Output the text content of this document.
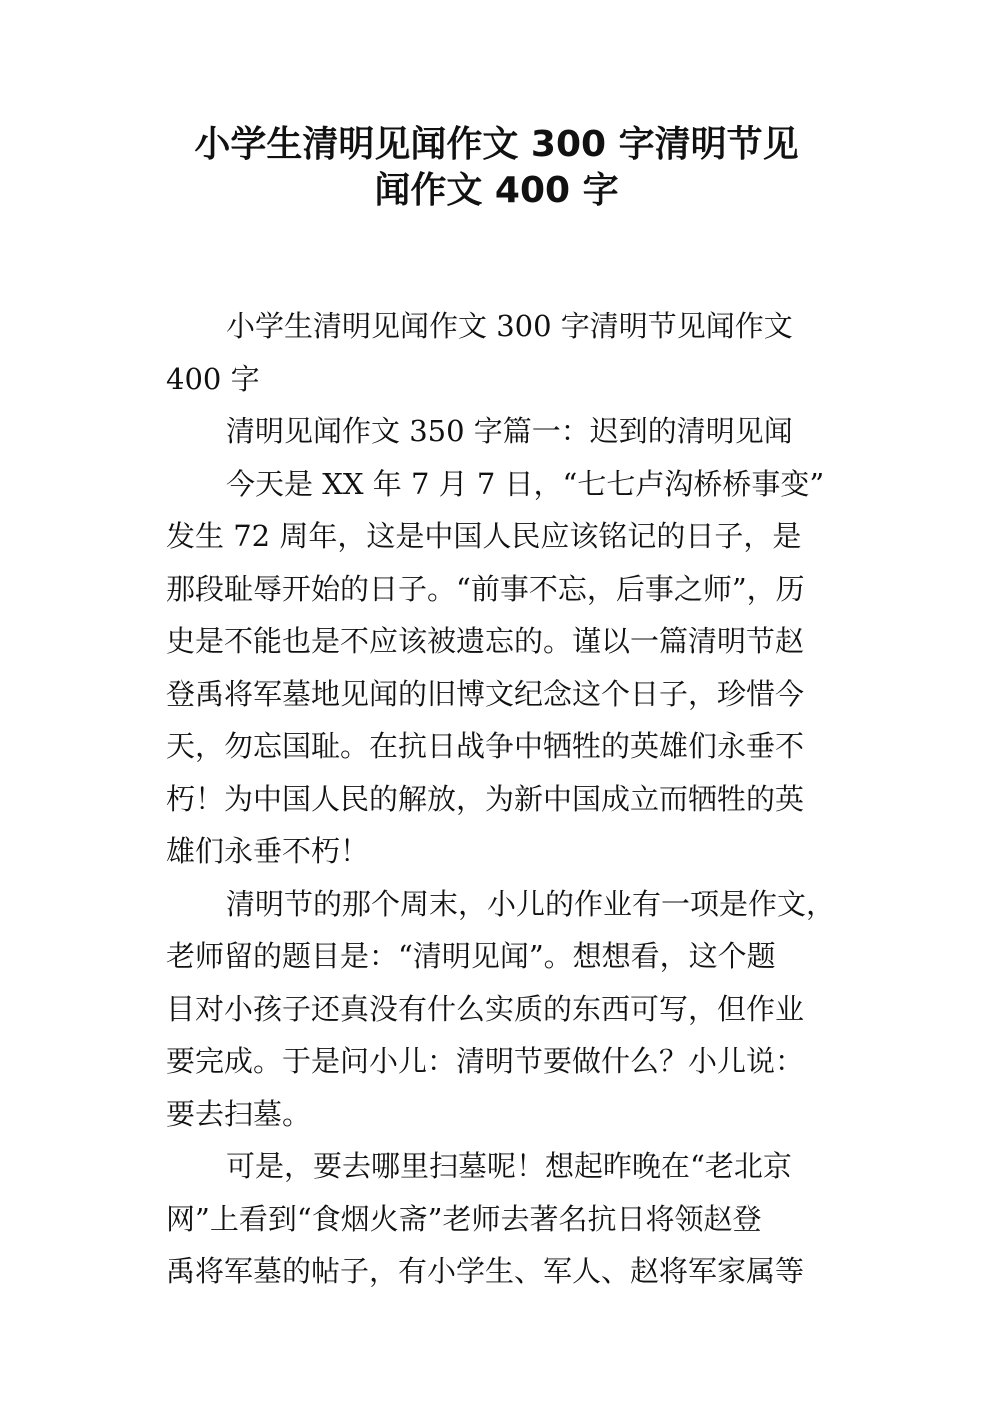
小学生清明见闻作文 300 字清明节见
闻作文 400 字
小学生清明见闻作文 300 字清明节见闻作文
400 字
清明见闻作文 350 字篇一：迟到的清明见闻
今天是 XX 年 7 月 7 日，“七七卢沟桥桥事变”
发生 72 周年，这是中国人民应该铭记的日子，是
那段耻辱开始的日子。“前事不忘，后事之师”，历
史是不能也是不应该被遗忘的。谨以一篇清明节赵
登禹将军墓地见闻的旧博文纪念这个日子，珍惜今
天，勿忘国耻。在抗日战争中牺牲的英雄们永垂不
朽！为中国人民的解放，为新中国成立而牺牲的英
雄们永垂不朽！
清明节的那个周末，小儿的作业有一项是作文，
老师留的题目是：“清明见闻”。想想看，这个题
目对小孩子还真没有什么实质的东西可写，但作业
要完成。于是问小儿：清明节要做什么？小儿说：
要去扫墓。
可是，要去哪里扫墓呢！想起昨晚在“老北京
网”上看到“食烟火斋”老师去著名抗日将领赵登
禹将军墓的帖子，有小学生、军人、赵将军家属等
